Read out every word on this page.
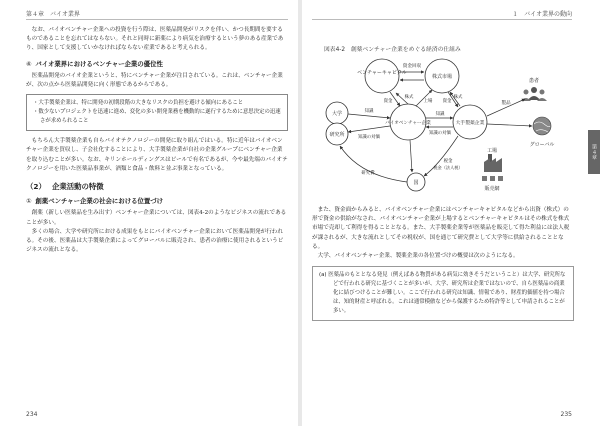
第４章　バイオ業界

なお、バイオベンチャー企業への投資を行う際は、医薬品開発がリスクを伴い、かつ長期間を要するものであることを忘れてはならない。それと同時に新薬により病気を治療するという夢のある産業であり、国家として支援していかなければならない産業であると考えられる。

④ バイオ業界におけるベンチャー企業の優位性

医薬品開発のバイオ企業というと、特にベンチャー企業が注目されている。これは、ベンチャー企業が、次の点から医薬品開発に向く形態であるからである。

・大手製薬企業は、特に開発の初期段階の大きなリスクの負担を避ける傾向にあること
・数少ないプロジェクトを迅速に進め、変化の多い開発業務を機動的に遂行するために意思決定の迅速さが求められること

もちろん大手製薬企業も自らバイオテクノロジーの開発に取り組んではいる。特に近年はバイオベンチャー企業を買収し、子会社化することにより、大手製薬企業が自社の企業グループにベンチャー企業を取り込むことが多い。なお、キリンホールディングスはビールで有名であるが、今や最先端のバイオテクノロジーを用いた医薬品事業が、酒類と食品・飲料と並ぶ事業となっている。

（2） 企業活動の特徴
① 創薬ベンチャー企業の社会における位置づけ

創薬（新しい医薬品を生み出す）ベンチャー企業については、図表4-2のようなビジネスの流れであることが多い。

多くの場合、大学や研究所における成果をもとにバイオベンチャー企業において医薬品開発が行われる。その後、医薬品は大手製薬企業によってグローバルに販売され、患者の治療に使用されるというビジネスの流れとなる。

234
１　バイオ業界の動向
図表4-2　創薬ベンチャー企業をめぐる経済の仕組み
ベンチャーキャピタル
株式市場
大学
研究所
バイオベンチャー企業	大手製薬企業
国
患者
グローバル
工場
販売網
資金回収
資金
株式
上場
株式
資金
知識
知識の対価
知識
知識の対価
製品
税金
税金（法人税）
研究費

また、資金面からみると、バイオベンチャー企業にはベンチャーキャピタルなどから出資（株式）の形で資金の供給がなされ、バイオベンチャー企業が上場するとベンチャーキャピタルはその株式を株式市場で売却して利得を得ることとなる。また、大手製薬企業等が医薬品を販売して得た利益には法人税が課されるが、大きな流れとしてその税収が、国を通じて研究費として大学等に供給されることとなる。

大学、バイオベンチャー企業、製薬企業の各位置づけの概要は次のようになる。

(a) 医薬品のもととなる発見（例えばある物質がある病気に効きそうだということ）は大学、研究所などで行われる研究に基づくことが多いが、大学、研究所は企業ではないので、自ら医薬品の商業化に結びつけることが難しい。ここで行われる研究は知識、情報であり、財産的価値を持つ場合は、知的財産と呼ばれる。これは通常模倣などから保護するため特許等として申請されることが多い。
第４章
235
